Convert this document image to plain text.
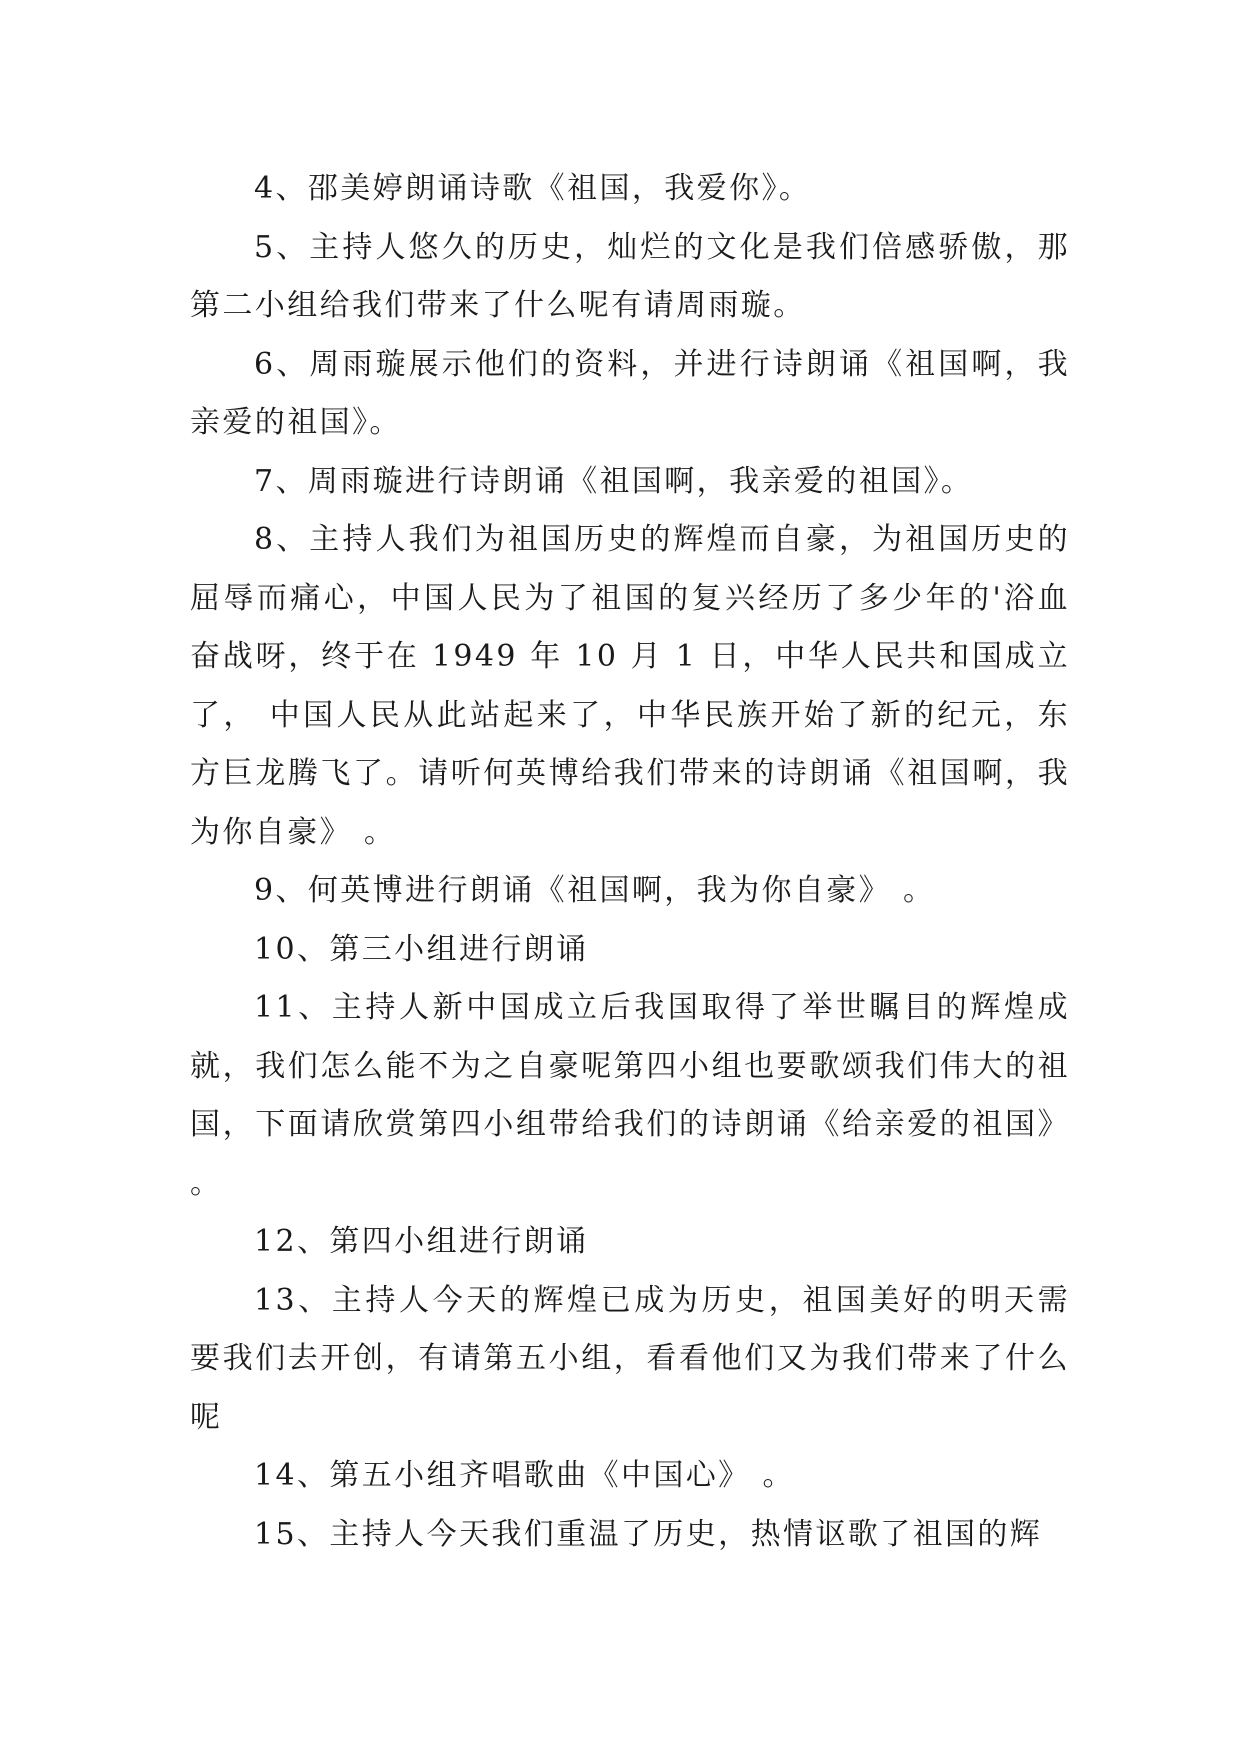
4、邵美婷朗诵诗歌《祖国，我爱你》。

5、主持人悠久的历史，灿烂的文化是我们倍感骄傲，那第二小组给我们带来了什么呢有请周雨璇。

6、周雨璇展示他们的资料，并进行诗朗诵《祖国啊，我亲爱的祖国》。

7、周雨璇进行诗朗诵《祖国啊，我亲爱的祖国》。

8、主持人我们为祖国历史的辉煌而自豪，为祖国历史的屈辱而痛心，中国人民为了祖国的复兴经历了多少年的'浴血奋战呀，终于在 1949 年 10 月 1 日，中华人民共和国成立了， 中国人民从此站起来了，中华民族开始了新的纪元，东方巨龙腾飞了。请听何英博给我们带来的诗朗诵《祖国啊，我为你自豪》 。

9、何英博进行朗诵《祖国啊，我为你自豪》 。

10、第三小组进行朗诵

11、主持人新中国成立后我国取得了举世瞩目的辉煌成就，我们怎么能不为之自豪呢第四小组也要歌颂我们伟大的祖国，下面请欣赏第四小组带给我们的诗朗诵《给亲爱的祖国》 。

12、第四小组进行朗诵

13、主持人今天的辉煌已成为历史，祖国美好的明天需要我们去开创，有请第五小组，看看他们又为我们带来了什么呢

14、第五小组齐唱歌曲《中国心》 。

15、主持人今天我们重温了历史，热情讴歌了祖国的辉
